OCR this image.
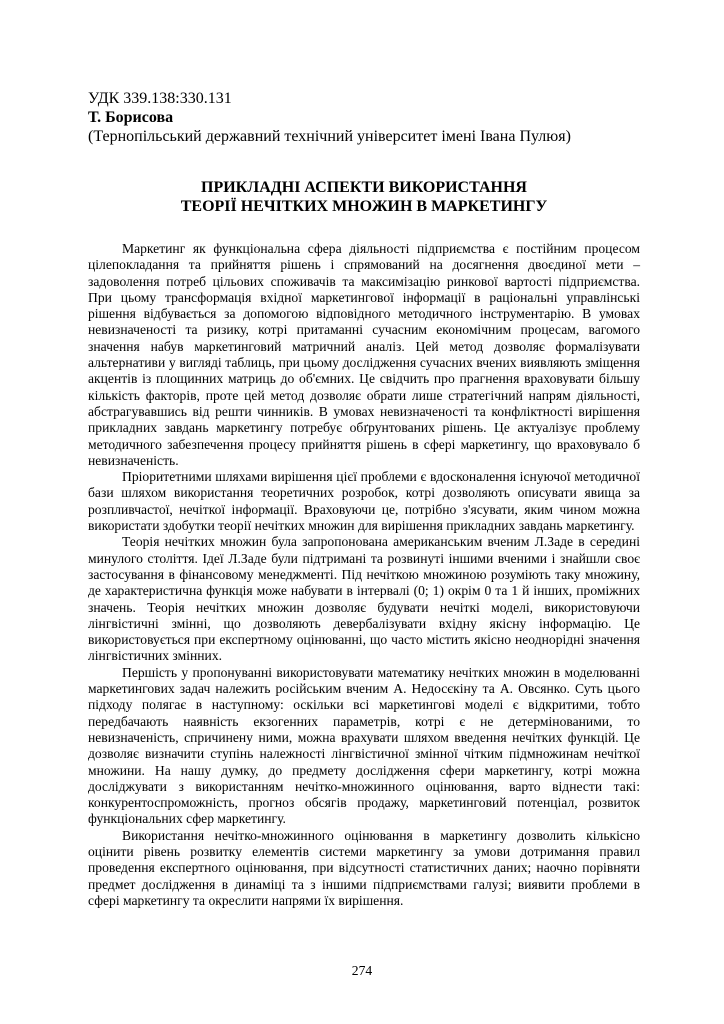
УДК 339.138:330.131
Т. Борисова
(Тернопільський державний технічний університет імені Івана Пулюя)
ПРИКЛАДНІ АСПЕКТИ ВИКОРИСТАННЯ
ТЕОРІЇ НЕЧІТКИХ МНОЖИН В МАРКЕТИНГУ

Маркетинг як функціональна сфера діяльності підприємства є постійним процесом цілепокладання та прийняття рішень і спрямований на досягнення двоєдиної мети – задоволення потреб цільових споживачів та максимізацію ринкової вартості підприємства. При цьому трансформація вхідної маркетингової інформації в раціональні управлінські рішення відбувається за допомогою відповідного методичного інструментарію. В умовах невизначеності та ризику, котрі притаманні сучасним економічним процесам, вагомого значення набув маркетинговий матричний аналіз. Цей метод дозволяє формалізувати альтернативи у вигляді таблиць, при цьому дослідження сучасних вчених виявляють зміщення акцентів із площинних матриць до об'ємних. Це свідчить про прагнення враховувати більшу кількість факторів, проте цей метод дозволяє обрати лише стратегічний напрям діяльності, абстрагувавшись від решти чинників. В умовах невизначеності та конфліктності вирішення прикладних завдань маркетингу потребує обґрунтованих рішень. Це актуалізує проблему методичного забезпечення процесу прийняття рішень в сфері маркетингу, що враховувало б невизначеність.

Пріоритетними шляхами вирішення цієї проблеми є вдосконалення існуючої методичної бази шляхом використання теоретичних розробок, котрі дозволяють описувати явища за розпливчастої, нечіткої інформації. Враховуючи це, потрібно з'ясувати, яким чином можна використати здобутки теорії нечітких множин для вирішення прикладних завдань маркетингу.

Теорія нечітких множин була запропонована американським вченим Л.Заде в середині минулого століття. Ідеї Л.Заде були підтримані та розвинуті іншими вченими і знайшли своє застосування в фінансовому менеджменті. Під нечіткою множиною розуміють таку множину, де характеристична функція може набувати в інтервалі (0; 1) окрім 0 та 1 й інших, проміжних значень. Теорія нечітких множин дозволяє будувати нечіткі моделі, використовуючи лінгвістичні змінні, що дозволяють девербалізувати вхідну якісну інформацію. Це використовується при експертному оцінюванні, що часто містить якісно неоднорідні значення лінгвістичних змінних.

Першість у пропонуванні використовувати математику нечітких множин в моделюванні маркетингових задач належить російським вченим А. Недосєкіну та А. Овсянко. Суть цього підходу полягає в наступному: оскільки всі маркетингові моделі є відкритими, тобто передбачають наявність екзогенних параметрів, котрі є не детермінованими, то невизначеність, спричинену ними, можна врахувати шляхом введення нечітких функцій. Це дозволяє визначити ступінь належності лінгвістичної змінної чітким підмножинам нечіткої множини. На нашу думку, до предмету дослідження сфери маркетингу, котрі можна досліджувати з використанням нечітко-множинного оцінювання, варто віднести такі: конкурентоспроможність, прогноз обсягів продажу, маркетинговий потенціал, розвиток функціональних сфер маркетингу.

Використання нечітко-множинного оцінювання в маркетингу дозволить кількісно оцінити рівень розвитку елементів системи маркетингу за умови дотримання правил проведення експертного оцінювання, при відсутності статистичних даних; наочно порівняти предмет дослідження в динаміці та з іншими підприємствами галузі; виявити проблеми в сфері маркетингу та окреслити напрями їх вирішення.

274
